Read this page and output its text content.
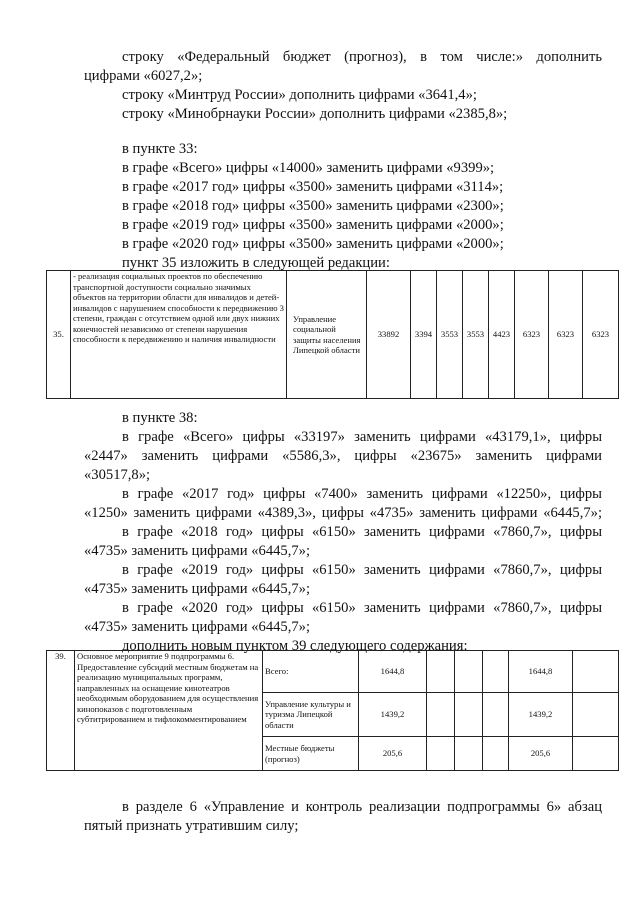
строку «Федеральный бюджет (прогноз), в том числе:» дополнить
цифрами «6027,2»;
строку «Минтруд России» дополнить цифрами «3641,4»;
строку «Минобрнауки России» дополнить цифрами «2385,8»;
в пункте 33:
в графе «Всего» цифры «14000» заменить цифрами «9399»;
в графе «2017 год» цифры «3500» заменить цифрами «3114»;
в графе «2018 год» цифры «3500» заменить цифрами «2300»;
в графе «2019 год» цифры «3500» заменить цифрами «2000»;
в графе «2020 год» цифры «3500» заменить цифрами «2000»;
пункт 35 изложить в следующей редакции:
35.	- реализация социальных проектов по обеспечению транспортной доступности социально значимых объектов на территории области для инвалидов и детей-инвалидов с нарушением способности к передвижению 3 степени, граждан с отсутствием одной или двух нижних конечностей независимо от степени нарушения способности к передвижению и наличия инвалидности	Управление социальной защиты населения Липецкой области	33892	3394	3553	3553	4423	6323	6323	6323
в пункте 38:
в графе «Всего» цифры «33197» заменить цифрами «43179,1», цифры
«2447» заменить цифрами «5586,3», цифры «23675» заменить цифрами
«30517,8»;
в графе «2017 год» цифры «7400» заменить цифрами «12250», цифры
«1250» заменить цифрами «4389,3», цифры «4735» заменить цифрами «6445,7»;
в графе «2018 год» цифры «6150» заменить цифрами «7860,7», цифры
«4735» заменить цифрами «6445,7»;
в графе «2019 год» цифры «6150» заменить цифрами «7860,7», цифры
«4735» заменить цифрами «6445,7»;
в графе «2020 год» цифры «6150» заменить цифрами «7860,7», цифры
«4735» заменить цифрами «6445,7»;
дополнить новым пунктом 39 следующего содержания:
39.	Основное мероприятие 9 подпрограммы 6. Предоставление субсидий местным бюджетам на реализацию муниципальных программ, направленных на оснащение кинотеатров необходимым оборудованием для осуществления кинопоказов с подготовленным субтитрированием и тифлокомментированием	Всего:	1644,8				1644,8	
		Управление культуры и туризма Липецкой области	1439,2				1439,2	
		Местные бюджеты (прогноз)	205,6				205,6	
в разделе 6 «Управление и контроль реализации подпрограммы 6» абзац
пятый признать утратившим силу;
